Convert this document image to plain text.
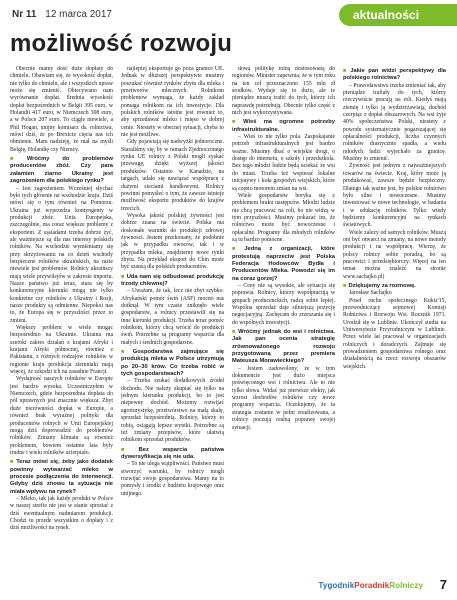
Nr 11 12 marca 2017	aktualności
możliwość rozwoju

Obecnie mamy dość duże dopłaty do chmielu. Obawiam się, że wysokość dopłat, nie tylko do chmielu, ale i wszystkich upraw może się zmienić. Obiecywano nam wyrównanie dopłat. Średnia wysokość dopłat bezpośrednich w Belgii 395 euro, w Holandii 417 euro, w Niemczech 308 euro, a w Polsce 207 euro. To ciągle niewiele, a Phil Hogan, unijny komisarz ds. rolnictwa, mówi dziś, że po Brexicie cięcia nas ich obmienie. Mam nadzieję, że mał na myśli Belgię, Holandię czy Niemcy.

■ Wróćmy do problemów producentów zbóż. Czy para załamien ziarno Ukrainy jest zagrożeniem dla polskiego rynku?

– Jest zagrożeniem. Wcześniej słychać było tych głównie na wschodzie kraju. Dziś mówi się o tym również na Pomorzu. Ukraina już wyprzedza kontyngenty w produkcji zbóż. Unia Europejska, zszczególnie, ma coraz większe problemy z eksportem. Z sąsiadami trzeba dobrze żyć, ale ważniejsze są dla nas interesy polskich rolników. Na wschodzie wymieniamy się przy skrzyżowaniu na co dzień wschody bezpieczne rolników ukraińskich, na razie niewiele jest problemów. Rolnicy ukraińscy mają wiele przywilejów w zakresie importu. Nasze państwo już teraz, stara się by konkurencyjne kierunki mogą nie tylko konkretne czy rolników z Ukrainy i Rosji, nasze produkty są odmienne. Niepokoi nas to, że Europa się w przyszłości przez to zmieni.

Większy problem w wiele mogąc bezpośrednio na Ukrainie. Ukraina ma szeroki zakres działań z krajami Afryki i krajami Afryki północnej, również z Pakistanu, z różnych rodzajów rolników w regionie kraju produkcja ziemniaki mają więcej, że szkodzi ich na zasadnie Francji.

Wydajność naszych rolników w Europie jest bardzo wysoka. Uczestniczyłem w Niemczech, gdzie bezpośrednia dopłata do pól uprawnych jest znacznie większa. Zbyt duże nierówności dopłat w Europie, a również brak wyraźnej polityki dla producentów rolnych w Unii Europejskiej mogą dziś doprowadzić do problemów rolników. Zmiany klimatu są również problemem, bowiem ostatnie lata były trudne i wielu rolników ucierpiało.

■ Teraz mówi się, żeby jako dodatek powinny wytwarzać mleko w procesie podłączenia do interwencji. Gdyby dziś znowu ta sytuacja nie miała wpływu na rynek?

– Mleko, tak jak każdy produkt w Polsce w naszej strefie nie jest w stanie sprostać z dziś ewentualnym nadmiarem produkcji. Chodzi tu przede wszystkim o dopłaty i z dziś możliwości na rynek.

najlepiej eksportuje go poza granice UE. Jednak w dłuższej perspektywie musimy poszukać również rynków zbytu dla mleka i przetworów mlecznych. Rolnikom problemów wymaga, że każdy zakład pomaga rolnikom na ich inwestycje. Dla polskich rolników istotne jest również to, aby sprzedawać mleko i mięso w dobrej cenie. Niestety w obecnej sytuacji, chyba to nie jest możliwe.

Gdy pojawiają się nadwyżki jednoroczne. Staraliśmy się, by w ramach Zjednoczonego rynku UE rolnicy z Polski mogli zyskać przewagę, dzięki wyższej jakości produktów. Ostatnio w Kanadzie, na targach, udało się nawiązać współpracę z dużymi sieciami handlowymi. Rolnicy powinni pomyśleć o tym, że zawsze istnieje możliwość eksportu produktów do krajów trzecich.

Wysoka jakość polskiej żywności jest dobrze znana na świecie. Polska ma doskonałe warunki do produkcji zdrowej żywności. Jestem przekonany, że podobnie jak w przypadku owoców, tak i w przypadku mleka, znajdziemy nowe rynki zbytu. Na przykład eksport do Chin może być szansą dla polskich producentów.

■ Uda nam się odbudować produkcję trzody chlewnej?

– Uważam, że tak, lecz nie zbyt szybko. Afrykański pomór świń (ASF) mocno nas dotknął. W tym czasie zniknęło wiele gospodarstw, a rolnicy przestawili się na inne kierunki produkcji. Trzeba teraz pomóc rolnikom, którzy chcą wrócić do produkcji świń. Potrzebne są programy wsparcia dla małych i średnich gospodarstw.

■ Gospodarstwa zajmujące się produkcją mleka w Polsce utrzymują po 20–30 krów. Co trzeba robić w tych gospodarstwach?

– Trzeba szukać dodatkowych źródeł dochodu. Nie należy skupiać się tylko na jednym kierunku produkcji, bo to jest niepewny dochód. Możemy rozwijać agroturystykę, przetwórstwo na małą skalę, sprzedaż bezpośrednią. Rolnicy, którzy to robią, osiągają lepsze wyniki. Potrzebne są też zmiany przepisów, które ułatwią rolnikom sprzedaż produktów.

■ Bez wsparcia państwa dywersyfikacja się nie uda.

– To nie ulega wątpliwości. Państwo musi stworzyć warunki, by rolnicy mogli rozwijać swoje gospodarstwa. Mamy na to pomysły i środki z budżetu krajowego oraz unijnego.

dową politykę rolną dostosowaną do regionów. Minister zapewnia, że w tym roku na ten cel przeznaczono 155 mln zł środków. Wydaje się to dużo, ale te pieniądze muszą trafić do tych, którzy ich naprawdę potrzebują. Obecnie tylko część z nich jest wykorzystywana.

■ Wieś ma ogromne potrzeby infrastrukturalne.

– Wieś to nie tylko pola. Zaspokajanie potrzeb infrastrukturalnych jest bardzo ważne. Musimy dbać o wiejskie drogi, o dostęp do internetu, o szkoły i przedszkola. Bez tego młodzi ludzie będą uciekać ze wsi do miast. Trzeba też wspierać lokalne inicjatywy i koła gospodyń wiejskich, które są często motorem zmian na wsi.

Wiele gospodarstw boryka się z problemem braku następców. Młodzi ludzie nie chcą pracować na roli, bo nie widzą w tym przyszłości. Musimy pokazać im, że rolnictwo może być nowoczesne i opłacalne. Programy dla młodych rolników są tu bardzo pomocne.

■ Jedną z organizacji, które protestują naprzeciw jest Polska Federacja Hodowców Bydła i Producentów Mleka. Powodzi się im na coraz gorzej?

– Ceny nie są wysokie, ale sytuacja się poprawia. Rolnicy, którzy współpracują w grupach producenckich, radzą sobie lepiej. Wspólna sprzedaż daje silniejszą pozycję negocjacyjną. Zachęcam do zrzeszania się i do wspólnych inwestycji.

■ Wróćmy jednak do wsi i rolnictwa. Jak pan ocenia strategię zrównoważonego rozwoju przygotowaną przez premiera Mateusza Morawieckiego?

– Jestem zadowolony, że w tym dokumencie jest dużo miejsca poświęconego wsi i rolnictwu. Ale to nie tylko słowa. Widać już pierwsze efekty, jak wzrost dochodów rolników czy nowe programy wsparcia. Oczekujemy, że ta strategia zostanie w pełni zrealizowana, a rolnicy poczują realną poprawę swojej sytuacji.

■ Jakie pan widzi perspektywy dla polskiego rolnictwa?

– Prawodawstwo trzeba zmieniać tak, aby pieniądze trafiały do tych, którzy rzeczywiście pracują na roli. Kiedyś mają ziemię i tylko ją wydzierżawiają, dochód czerpiąc z dopłat obszarowych. Na wsi żyje 40% społeczeństwa Polski, niestety z powodu systematycznie pogarszającej się opłacalności produkcji, liczba czynnych rolników drastycznie spadła, a wielu młodych ludzi wyjechało za granicę. Musimy to zmienić.

Żywność jest jednym z najważniejszych towarów na świecie. Kraj, który może ją produkować, zawsze będzie bezpieczny. Dlatego tak ważne jest, by polskie rolnictwo było silne i nowoczesne. Musimy inwestować w nowe technologie, w badania i w edukację rolników. Tylko wtedy będziemy konkurencyjni na rynkach światowych.

Wiele zależy od samych rolników. Muszą oni być otwarci na zmiany, na nowe metody produkcji i na współpracę. Wierzę, że polscy rolnicy sobie poradzą, bo są pracowici i przedsiębiorczy. Więcej na ten temat można znaleźć na stronie www.sachajko.pl)

■ Dziękujemy za rozmowę.

Jarosław Sachajko

Poseł ruchu społecznego Kukiz'15, przewodniczący sejmowej Komisji Rolnictwa i Rozwoju Wsi. Rocznik 1971. Urodził się w Lublinie. Ukończył studia na Uniwersytecie Przyrodniczym w Lublinie. Przez wiele lat pracował w organizacjach rolniczych i doradczych. Zajmuje się prowadzeniem gospodarstwa rolnego oraz działalnością na rzecz rozwoju obszarów wiejskich.

TygodnikPoradnikRolniczy 7
